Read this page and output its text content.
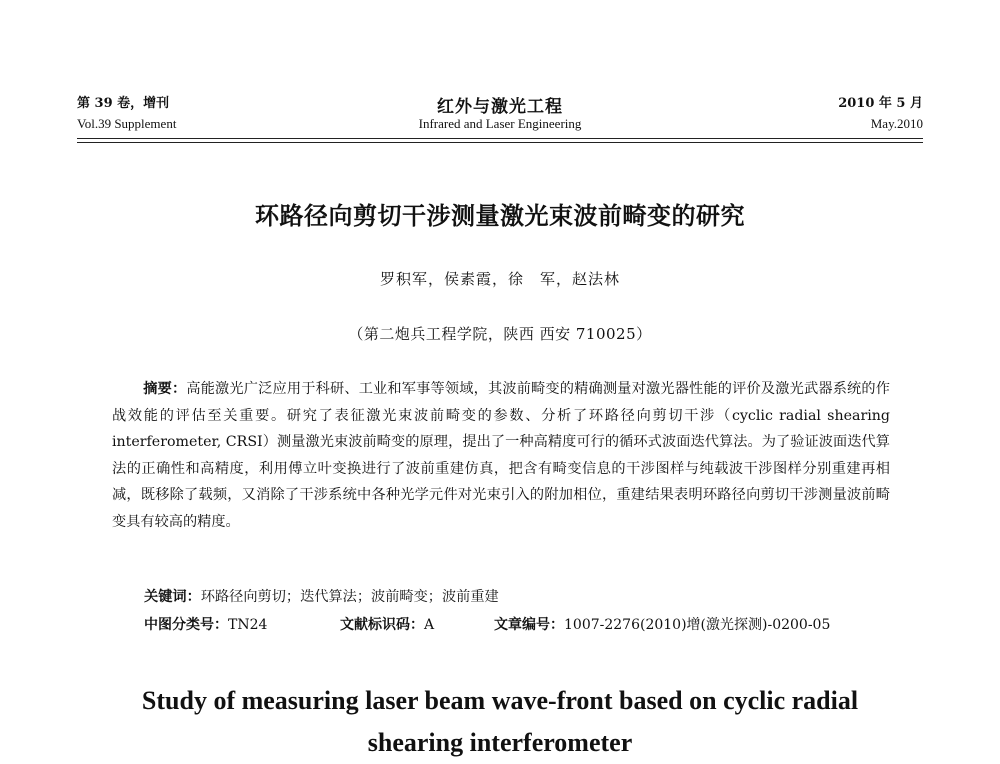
第 39 卷，增刊	红外与激光工程	2010 年 5 月
Vol.39 Supplement	Infrared and Laser Engineering	May.2010
环路径向剪切干涉测量激光束波前畸变的研究
罗积军，侯素霞，徐　军，赵法林
（第二炮兵工程学院，陕西 西安 710025）

摘要：高能激光广泛应用于科研、工业和军事等领域，其波前畸变的精确测量对激光器性能的评价及激光武器系统的作战效能的评估至关重要。研究了表征激光束波前畸变的参数、分析了环路径向剪切干涉（cyclic radial shearing interferometer, CRSI）测量激光束波前畸变的原理，提出了一种高精度可行的循环式波面迭代算法。为了验证波面迭代算法的正确性和高精度，利用傅立叶变换进行了波前重建仿真，把含有畸变信息的干涉图样与纯载波干涉图样分别重建再相减，既移除了载频，又消除了干涉系统中各种光学元件对光束引入的附加相位，重建结果表明环路径向剪切干涉测量波前畸变具有较高的精度。

关键词：环路径向剪切；迭代算法；波前畸变；波前重建
中图分类号：TN24	文献标识码：A	文章编号：1007-2276(2010)增(激光探测)-0200-05
Study of measuring laser beam wave-front based on cyclic radial
shearing interferometer
